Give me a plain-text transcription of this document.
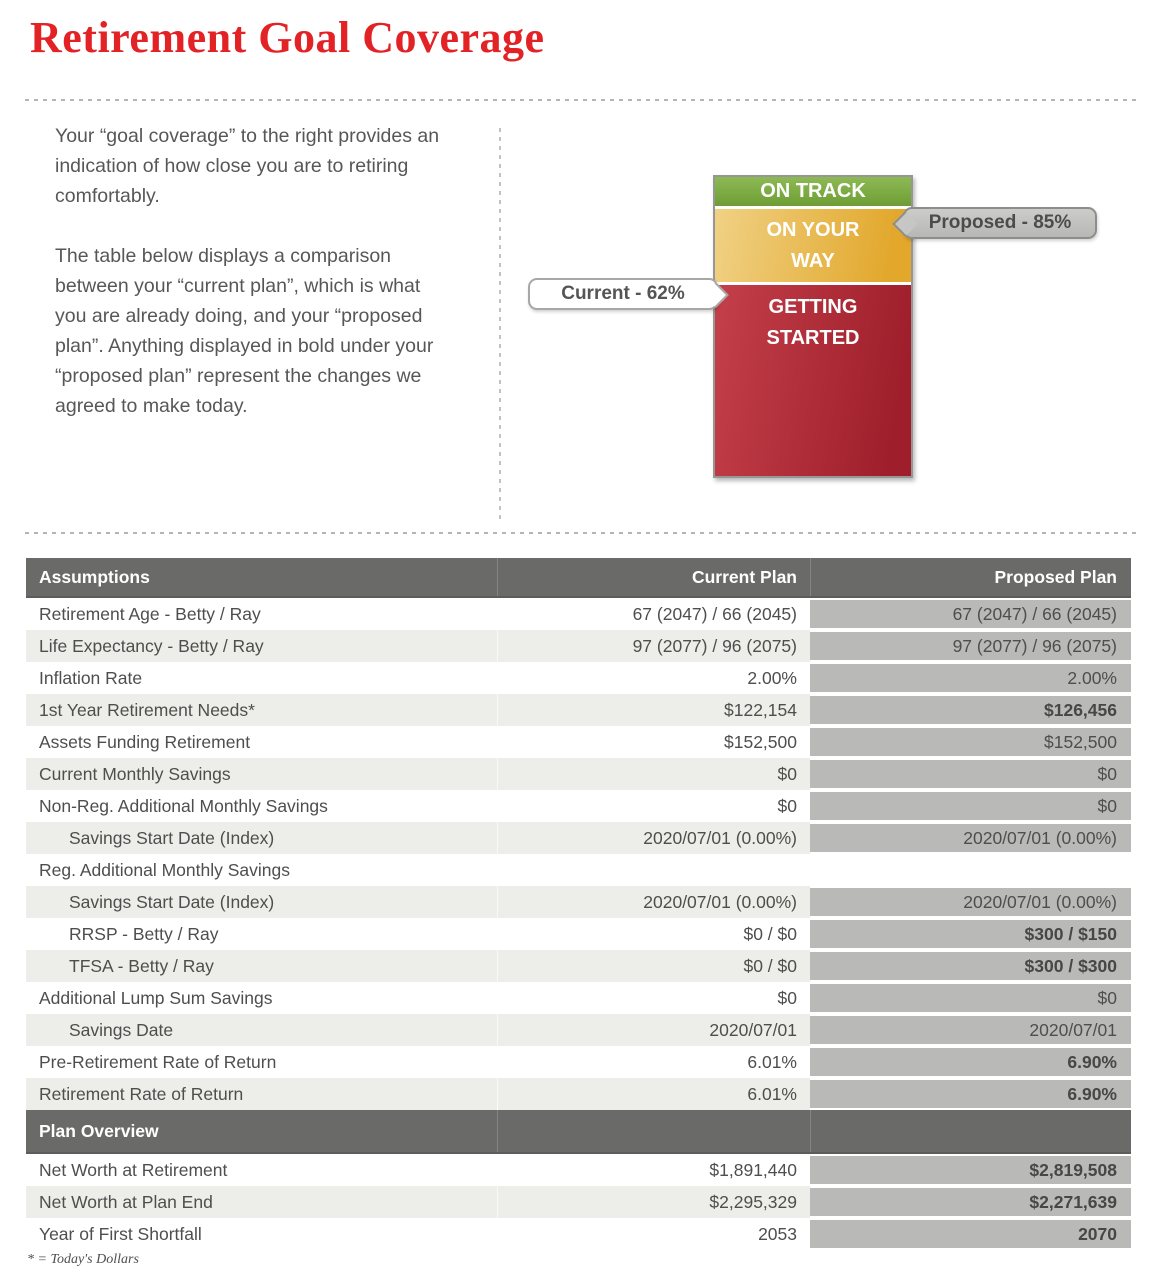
Retirement Goal Coverage

Your “goal coverage” to the right provides an indication of how close you are to retiring comfortably.

The table below displays a comparison between your “current plan”, which is what you are already doing, and your “proposed plan”. Anything displayed in bold under your “proposed plan” represent the changes we agreed to make today.

ON TRACK
ON YOUR WAY
GETTING STARTED
Current - 62%
Proposed - 85%
Assumptions	Current Plan	Proposed Plan
Retirement Age - Betty / Ray	67 (2047) / 66 (2045)	67 (2047) / 66 (2045)
Life Expectancy - Betty / Ray	97 (2077) / 96 (2075)	97 (2077) / 96 (2075)
Inflation Rate	2.00%	2.00%
1st Year Retirement Needs*	$122,154	$126,456
Assets Funding Retirement	$152,500	$152,500
Current Monthly Savings	$0	$0
Non-Reg. Additional Monthly Savings	$0	$0
Savings Start Date (Index)	2020/07/01 (0.00%)	2020/07/01 (0.00%)
Reg. Additional Monthly Savings
Savings Start Date (Index)	2020/07/01 (0.00%)	2020/07/01 (0.00%)
RRSP - Betty / Ray	$0 / $0	$300 / $150
TFSA - Betty / Ray	$0 / $0	$300 / $300
Additional Lump Sum Savings	$0	$0
Savings Date	2020/07/01	2020/07/01
Pre-Retirement Rate of Return	6.01%	6.90%
Retirement Rate of Return	6.01%	6.90%
Plan Overview
Net Worth at Retirement	$1,891,440	$2,819,508
Net Worth at Plan End	$2,295,329	$2,271,639
Year of First Shortfall	2053	2070
* = Today's Dollars
